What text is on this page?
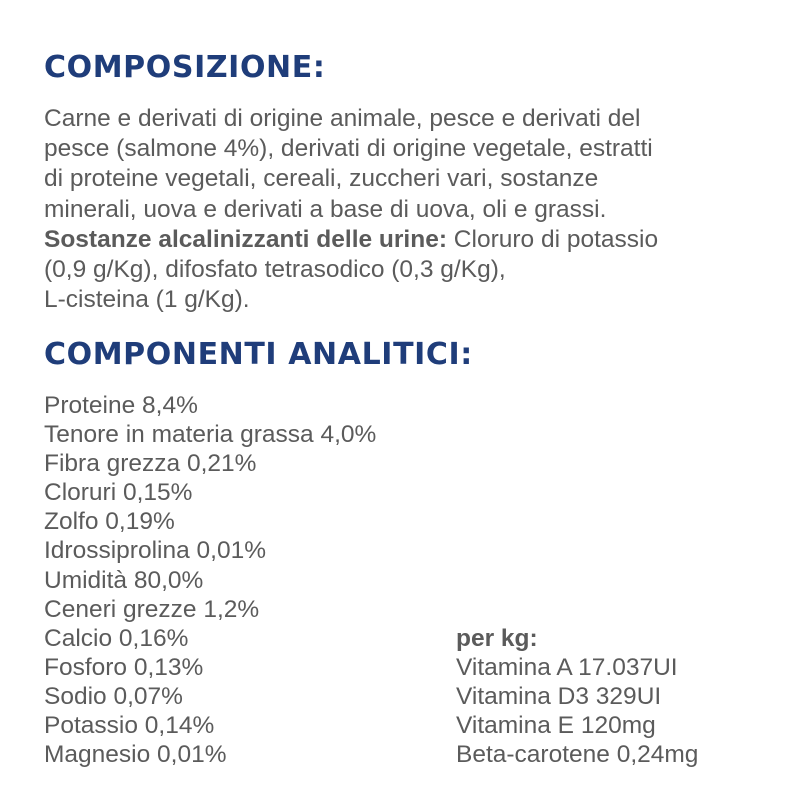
COMPOSIZIONE:
Carne e derivati di origine animale, pesce e derivati del
pesce (salmone 4%), derivati di origine vegetale, estratti
di proteine vegetali, cereali, zuccheri vari, sostanze
minerali, uova e derivati a base di uova, oli e grassi.
Sostanze alcalinizzanti delle urine: Cloruro di potassio
(0,9 g/Kg), difosfato tetrasodico (0,3 g/Kg),
L-cisteina (1 g/Kg).
COMPONENTI ANALITICI:
Proteine 8,4%
Tenore in materia grassa 4,0%
Fibra grezza 0,21%
Cloruri 0,15%
Zolfo 0,19%
Idrossiprolina 0,01%
Umidità 80,0%
Ceneri grezze 1,2%
Calcio 0,16%
Fosforo 0,13%
Sodio 0,07%
Potassio 0,14%
Magnesio 0,01%
per kg:
Vitamina A 17.037UI
Vitamina D3 329UI
Vitamina E 120mg
Beta-carotene 0,24mg
